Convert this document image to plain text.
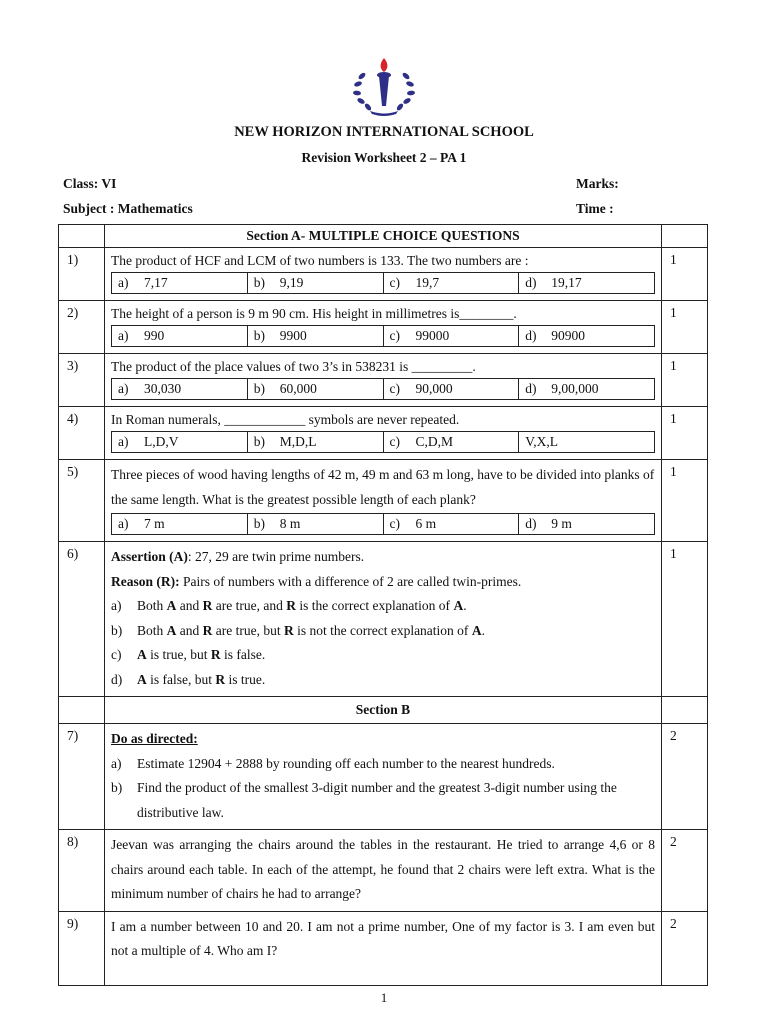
NEW HORIZON INTERNATIONAL SCHOOL
Revision Worksheet 2 – PA 1
Class: VI	Marks:
Subject : Mathematics	Time :
	Section A- MULTIPLE CHOICE QUESTIONS	
1)	The product of HCF and LCM of two numbers is 133. The two numbers are :
a) 7,17	b) 9,19	c) 19,7	d) 19,17
	1
2)	The height of a person is 9 m 90 cm. His height in millimetres is________.
a) 990	b) 9900	c) 99000	d) 90900
	1
3)	The product of the place values of two 3’s in 538231 is _________.
a) 30,030	b) 60,000	c) 90,000	d) 9,00,000
	1
4)	In Roman numerals, ____________ symbols are never repeated.
a) L,D,V	b) M,D,L	c) C,D,M	V,X,L
	1
5)	Three pieces of wood having lengths of 42 m, 49 m and 63 m long, have to be divided into planks of the same length. What is the greatest possible length of each plank?
a) 7 m	b) 8 m	c) 6 m	d) 9 m
	1
6)	Assertion (A): 27, 29 are twin prime numbers.
Reason (R): Pairs of numbers with a difference of 2 are called twin-primes.
a)	Both A and R are true, and R is the correct explanation of A.
b)	Both A and R are true, but R is not the correct explanation of A.
c)	A is true, but R is false.
d)	A is false, but R is true.
	1
	Section B	
7)	Do as directed:
a)	Estimate 12904 + 2888 by rounding off each number to the nearest hundreds.
b)	Find the product of the smallest 3-digit number and the greatest 3-digit number using the distributive law.
	2
8)	Jeevan was arranging the chairs around the tables in the restaurant. He tried to arrange 4,6 or 8 chairs around each table. In each of the attempt, he found that 2 chairs were left extra. What is the minimum number of chairs he had to arrange?
	2
9)	I am a number between 10 and 20. I am not a prime number, One of my factor is 3. I am even but not a multiple of 4. Who am I?
	2
1
